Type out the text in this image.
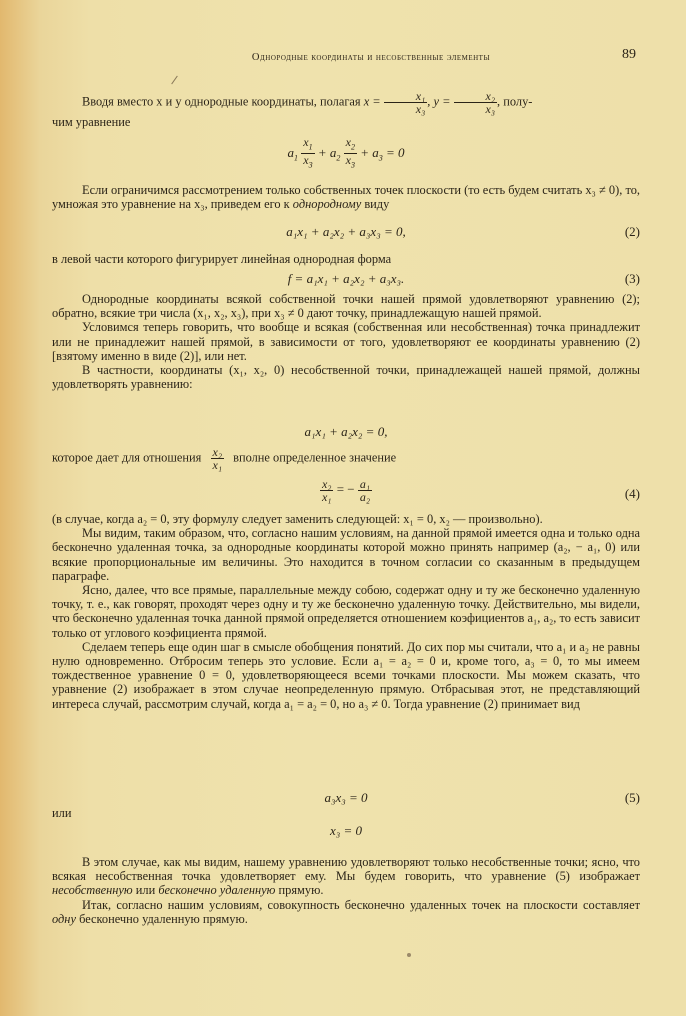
Однородные координаты и несобственные элементы	89

Вводя вместо x и y однородные координаты, полагая $x = \frac{\text{x₁}}{\text{x₃}}$ , $y = \frac{\text{x₂}}{\text{x₃}}$ , полу-

чим уравнение

$a_1 \frac{x_1}{x_3} + a_2 \frac{x_2}{x_3} + a_3 = 0$

Если ограничимся рассмотрением только собственных точек плоскости (то есть будем считать x₃ ≠ 0), то, умножая это уравнение на x₃, приведем его к однородному виду

a₁x₁ + a₂x₂ + a₃x₃ = 0,	(2)

в левой части которого фигурирует линейная однородная форма

f = a₁x₁ + a₂x₂ + a₃x₃.	(3)

Однородные координаты всякой собственной точки нашей прямой удовлетворяют уравнению (2); обратно, всякие три числа (x₁, x₂, x₃), при x₃ ≠ 0 дают точку, принадлежащую нашей прямой.

Условимся теперь говорить, что вообще и всякая (собственная или несобственная) точка принадлежит или не принадлежит нашей прямой, в зависимости от того, удовлетворяют ее координаты уравнению (2) [взятому именно в виде (2)], или нет.

В частности, координаты (x₁, x₂, 0) несобственной точки, принадлежащей нашей прямой, должны удовлетворять уравнению:

a₁x₁ + a₂x₂ = 0,

которое дает для отношения $\frac{\text{x₂}}{\text{x₁}}$ вполне определенное значение

$\frac{\text{x₂}}{\text{x₁}}$ = − $\frac{\text{a₁}}{\text{a₂}}$	(4)

(в случае, когда a₂ = 0, эту формулу следует заменить следующей: x₁ = 0, x₂ — произвольно).

Мы видим, таким образом, что, согласно нашим условиям, на данной прямой имеется одна и только одна бесконечно удаленная точка, за однородные координаты которой можно принять например (a₂, − a₁, 0) или всякие пропорциональные им величины. Это находится в точном согласии со сказанным в предыдущем параграфе.

Ясно, далее, что все прямые, параллельные между собою, содержат одну и ту же бесконечно удаленную точку, т. е., как говорят, проходят через одну и ту же бесконечно удаленную точку. Действительно, мы видели, что бесконечно удаленная точка данной прямой определяется отношением коэфициентов a₁, a₂, то есть зависит только от углового коэфициента прямой.

Сделаем теперь еще один шаг в смысле обобщения понятий. До сих пор мы считали, что a₁ и a₂ не равны нулю одновременно. Отбросим теперь это условие. Если a₁ = a₂ = 0 и, кроме того, a₃ = 0, то мы имеем тождественное уравнение 0 = 0, удовлетворяющееся всеми точками плоскости. Мы можем сказать, что уравнение (2) изображает в этом случае неопределенную прямую. Отбрасывая этот, не представляющий интереса случай, рассмотрим случай, когда a₁ = a₂ = 0, но a₃ ≠ 0. Тогда уравнение (2) принимает вид

a₃x₃ = 0	(5)

или

x₃ = 0

В этом случае, как мы видим, нашему уравнению удовлетворяют только несобственные точки; ясно, что всякая несобственная точка удовлетворяет ему. Мы будем говорить, что уравнение (5) изображает несобственную или бесконечно удаленную прямую.

Итак, согласно нашим условиям, совокупность бесконечно удаленных точек на плоскости составляет одну бесконечно удаленную прямую.
